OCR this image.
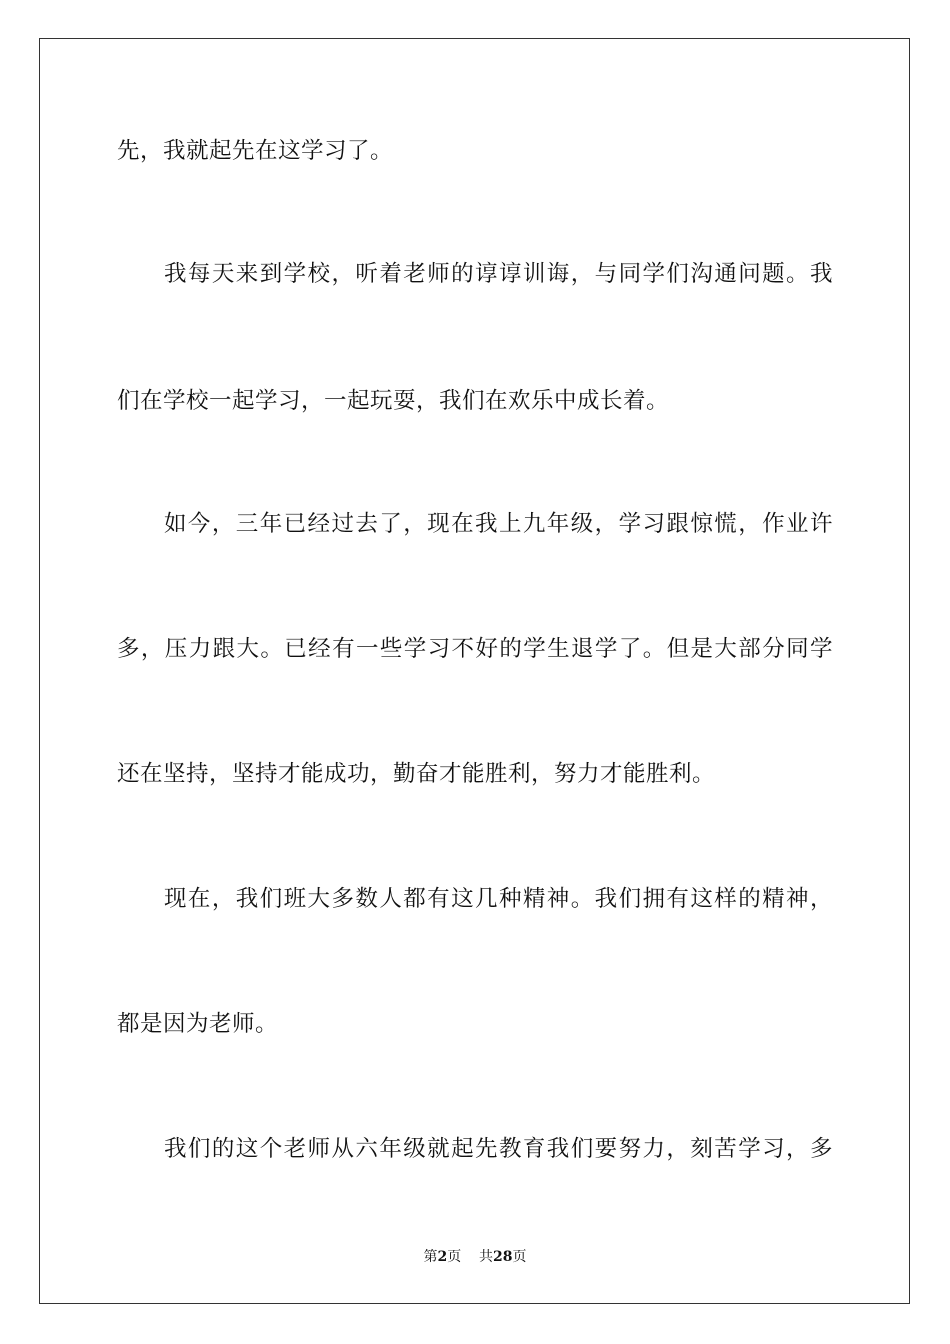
先，我就起先在这学习了。
我每天来到学校，听着老师的谆谆训诲，与同学们沟通问题。我
们在学校一起学习，一起玩耍，我们在欢乐中成长着。
如今，三年已经过去了，现在我上九年级，学习跟惊慌，作业许
多，压力跟大。已经有一些学习不好的学生退学了。但是大部分同学
还在坚持，坚持才能成功，勤奋才能胜利，努力才能胜利。
现在，我们班大多数人都有这几种精神。我们拥有这样的精神，
都是因为老师。
我们的这个老师从六年级就起先教育我们要努力，刻苦学习，多
第2页 共28页
